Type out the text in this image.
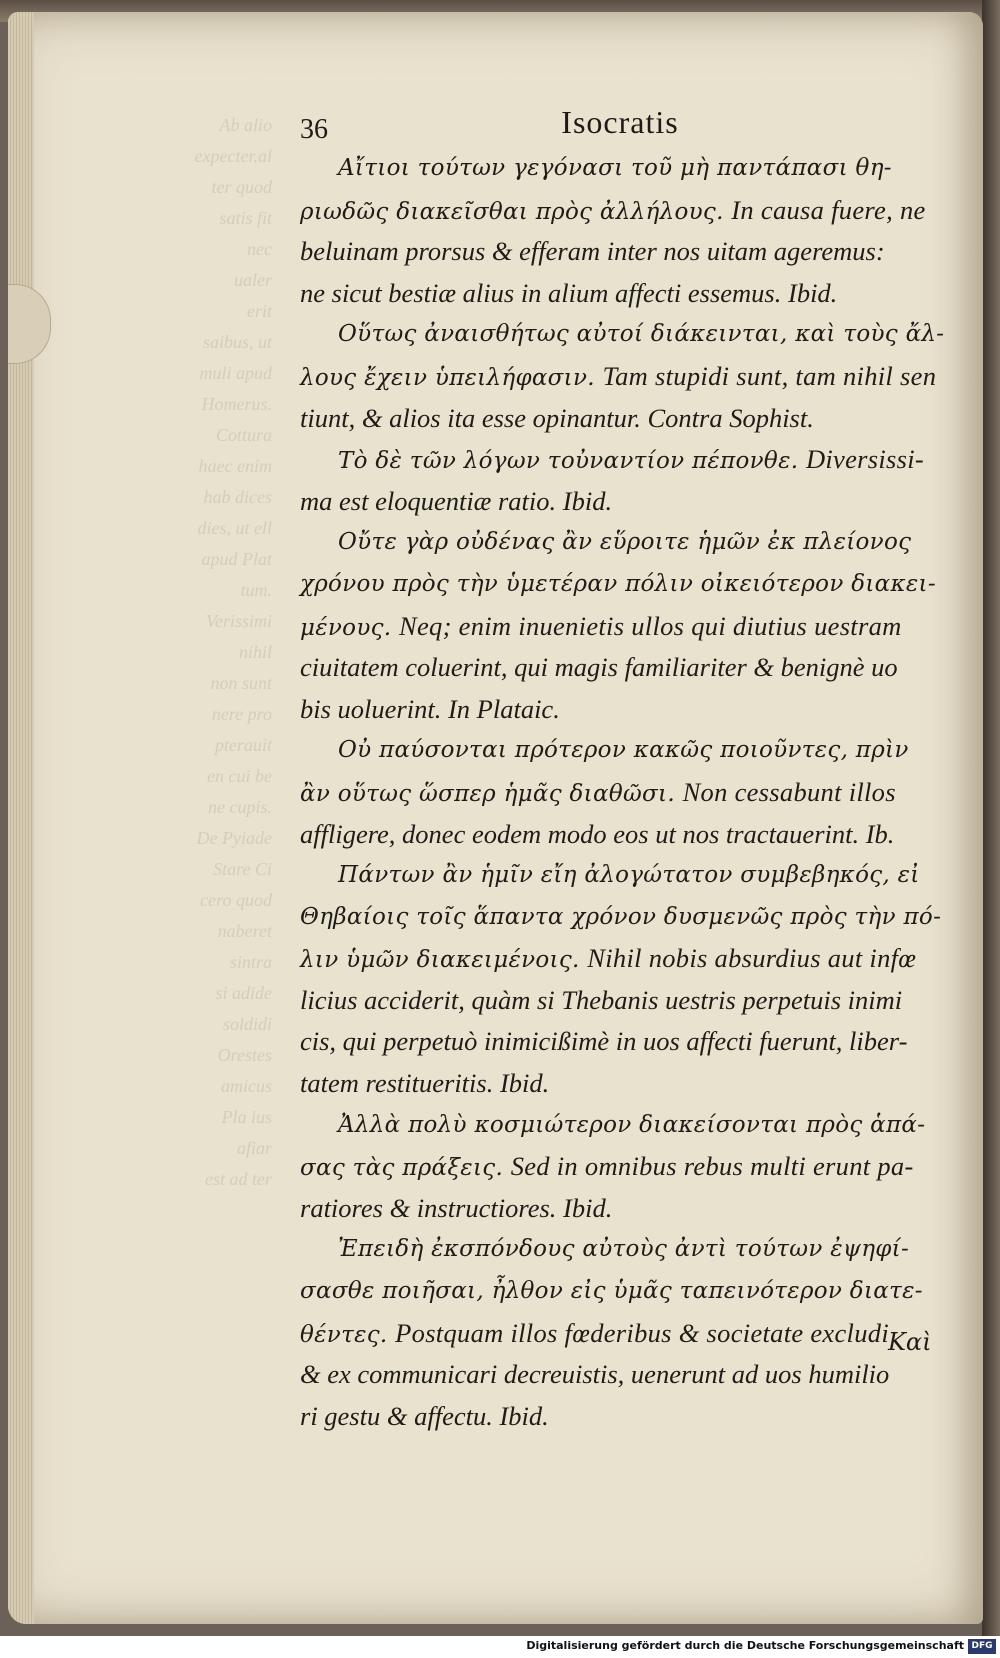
Ab alio
expecter.al
ter quod
satis fit
nec
ualer
erit
saibus, ut
muli apud
Homerus.
Cottura
haec enim
hab dices
dies, ut ell
apud Plat
tum.
Verissimi
nihil
non sunt
nere pro
pterauit
en cui be
ne cupis.
De Pyiade
Stare Ci
cero quod
naberet
sintra
si adide
soldidi
Orestes
amicus
Pla ius
afiar
est ad ter
36	Isocratis
Αἴτιοι τούτων γεγόνασι τοῦ μὴ παντάπασι θη-
ριωδῶς διακεῖσθαι πρὸς ἀλλήλους. In causa fuere, ne
beluinam prorsus & efferam inter nos uitam ageremus:
ne sicut bestiæ alius in alium affecti essemus. Ibid.
Οὕτως ἀναισθήτως αὐτοί διάκεινται, καὶ τοὺς ἄλ-
λους ἔχειν ὑπειλήφασιν. Tam stupidi sunt, tam nihil sen
tiunt, & alios ita esse opinantur. Contra Sophist.
Τὸ δὲ τῶν λόγων τοὐναντίον πέπονθε. Diversissi-
ma est eloquentiæ ratio. Ibid.
Οὔτε γὰρ οὐδένας ἂν εὕροιτε ἡμῶν ἐκ πλείονος
χρόνου πρὸς τὴν ὑμετέραν πόλιν οἰκειότερον διακει-
μένους. Neq; enim inuenietis ullos qui diutius uestram
ciuitatem coluerint, qui magis familiariter & benignè uo
bis uoluerint. In Plataic.
Οὐ παύσονται πρότερον κακῶς ποιοῦντες, πρὶν
ἂν οὕτως ὥσπερ ἡμᾶς διαθῶσι. Non cessabunt illos
affligere, donec eodem modo eos ut nos tractauerint. Ib.
Πάντων ἂν ἡμῖν εἴη ἀλογώτατον συμβεβηκός, εἰ
Θηβαίοις τοῖς ἅπαντα χρόνον δυσμενῶς πρὸς τὴν πό-
λιν ὑμῶν διακειμένοις. Nihil nobis absurdius aut infœ
licius acciderit, quàm si Thebanis uestris perpetuis inimi
cis, qui perpetuò inimicißimè in uos affecti fuerunt, liber-
tatem restitueritis. Ibid.
Ἀλλὰ πολὺ κοσμιώτερον διακείσονται πρὸς ἁπά-
σας τὰς πράξεις. Sed in omnibus rebus multi erunt pa-
ratiores & instructiores. Ibid.
Ἐπειδὴ ἐκσπόνδους αὐτοὺς ἀντὶ τούτων ἐψηφί-
σασθε ποιῆσαι, ἦλθον εἰς ὑμᾶς ταπεινότερον διατε-
θέντες. Postquam illos fœderibus & societate excludi
& ex communicari decreuistis, uenerunt ad uos humilio
ri gestu & affectu. Ibid.
Καὶ
Digitalisierung gefördert durch die Deutsche Forschungsgemeinschaft DFG
